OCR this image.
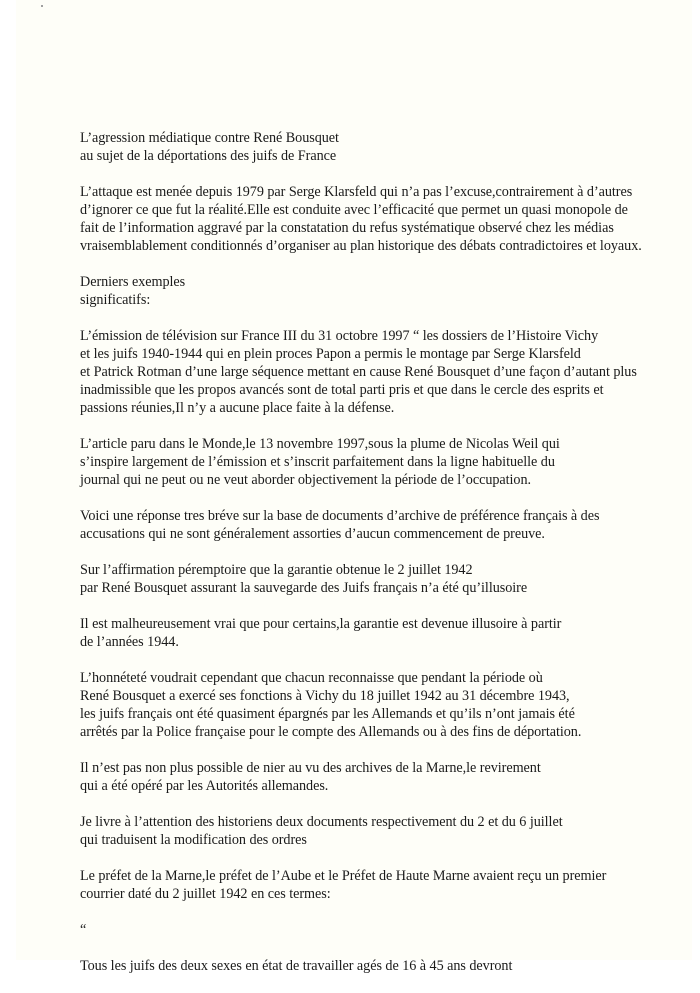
L’agression médiatique contre René Bousquet
au sujet de la déportations des juifs de France
L’attaque est menée depuis 1979 par Serge Klarsfeld qui n’a pas l’excuse,contrairement à d’autres
d’ignorer ce que fut la réalité.Elle est conduite avec l’efficacité que permet un quasi monopole de
fait de l’information aggravé par la constatation du refus systématique observé chez les médias
vraisemblablement conditionnés d’organiser au plan historique des débats contradictoires et loyaux.
Derniers exemples
significatifs:
L’émission de télévision sur France III du 31 octobre 1997 “ les dossiers de l’Histoire Vichy
et les juifs 1940-1944 qui en plein proces Papon a permis le montage par Serge Klarsfeld
et Patrick Rotman d’une large séquence mettant en cause René Bousquet d’une façon d’autant plus
inadmissible que les propos avancés sont de total parti pris et que dans le cercle des esprits et
passions réunies,Il n’y a aucune place faite à la défense.
L’article paru dans le Monde,le 13 novembre 1997,sous la plume de Nicolas Weil qui
s’inspire largement de l’émission et s’inscrit parfaitement dans la ligne habituelle du
journal qui ne peut ou ne veut aborder objectivement la période de l’occupation.
Voici une réponse tres bréve sur la base de documents d’archive de préférence français à des
accusations qui ne sont généralement assorties d’aucun commencement de preuve.
Sur l’affirmation péremptoire que la garantie obtenue le 2 juillet 1942
par René Bousquet assurant la sauvegarde des Juifs français n’a été qu’illusoire
Il est malheureusement vrai que pour certains,la garantie est devenue illusoire à partir
de l’années 1944.
L’honnéteté voudrait cependant que chacun reconnaisse que pendant la période où
René Bousquet a exercé ses fonctions à Vichy du 18 juillet 1942 au 31 décembre 1943,
les juifs français ont été quasiment épargnés par les Allemands et qu’ils n’ont jamais été
arrêtés par la Police française pour le compte des Allemands ou à des fins de déportation.
Il n’est pas non plus possible de nier au vu des archives de la Marne,le revirement
qui a été opéré par les Autorités allemandes.
Je livre à l’attention des historiens deux documents respectivement du 2 et du 6 juillet
qui traduisent la modification des ordres
Le préfet de la Marne,le préfet de l’Aube et le Préfet de Haute Marne avaient reçu un premier
courrier daté du 2 juillet 1942 en ces termes:
“
Tous les juifs des deux sexes en état de travailler agés de 16 à 45 ans devront
